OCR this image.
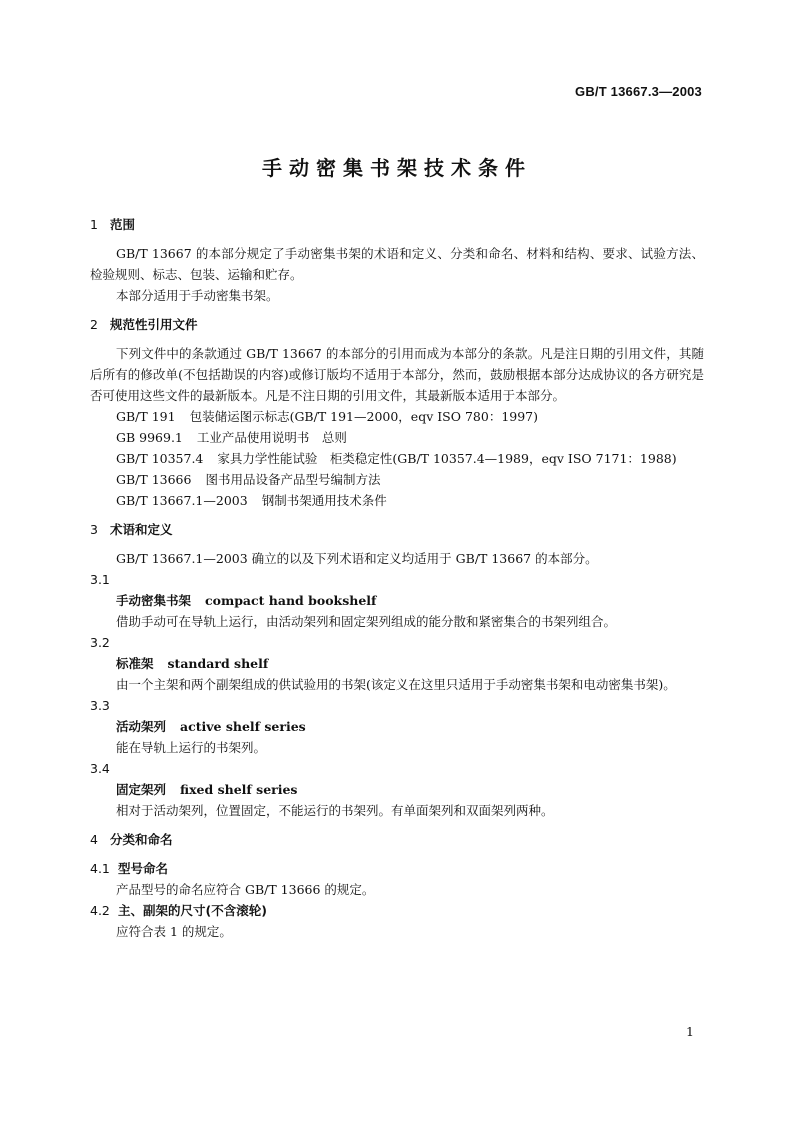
GB/T 13667.3—2003
手动密集书架技术条件
1 范围

GB/T 13667 的本部分规定了手动密集书架的术语和定义、分类和命名、材料和结构、要求、试验方法、检验规则、标志、包装、运输和贮存。

本部分适用于手动密集书架。

2 规范性引用文件

下列文件中的条款通过 GB/T 13667 的本部分的引用而成为本部分的条款。凡是注日期的引用文件，其随后所有的修改单(不包括勘误的内容)或修订版均不适用于本部分，然而，鼓励根据本部分达成协议的各方研究是否可使用这些文件的最新版本。凡是不注日期的引用文件，其最新版本适用于本部分。

GB/T 191 包装储运图示标志(GB/T 191—2000，eqv ISO 780：1997)

GB 9969.1 工业产品使用说明书　总则

GB/T 10357.4 家具力学性能试验　柜类稳定性(GB/T 10357.4—1989，eqv ISO 7171：1988)

GB/T 13666 图书用品设备产品型号编制方法

GB/T 13667.1—2003 钢制书架通用技术条件

3 术语和定义

GB/T 13667.1—2003 确立的以及下列术语和定义均适用于 GB/T 13667 的本部分。

3.1

手动密集书架 compact hand bookshelf

借助手动可在导轨上运行，由活动架列和固定架列组成的能分散和紧密集合的书架列组合。

3.2

标准架 standard shelf

由一个主架和两个副架组成的供试验用的书架(该定义在这里只适用于手动密集书架和电动密集书架)。

3.3

活动架列 active shelf series

能在导轨上运行的书架列。

3.4

固定架列 fixed shelf series

相对于活动架列，位置固定，不能运行的书架列。有单面架列和双面架列两种。

4 分类和命名
4.1 型号命名

产品型号的命名应符合 GB/T 13666 的规定。

4.2 主、副架的尺寸(不含滚轮)

应符合表 1 的规定。

1
